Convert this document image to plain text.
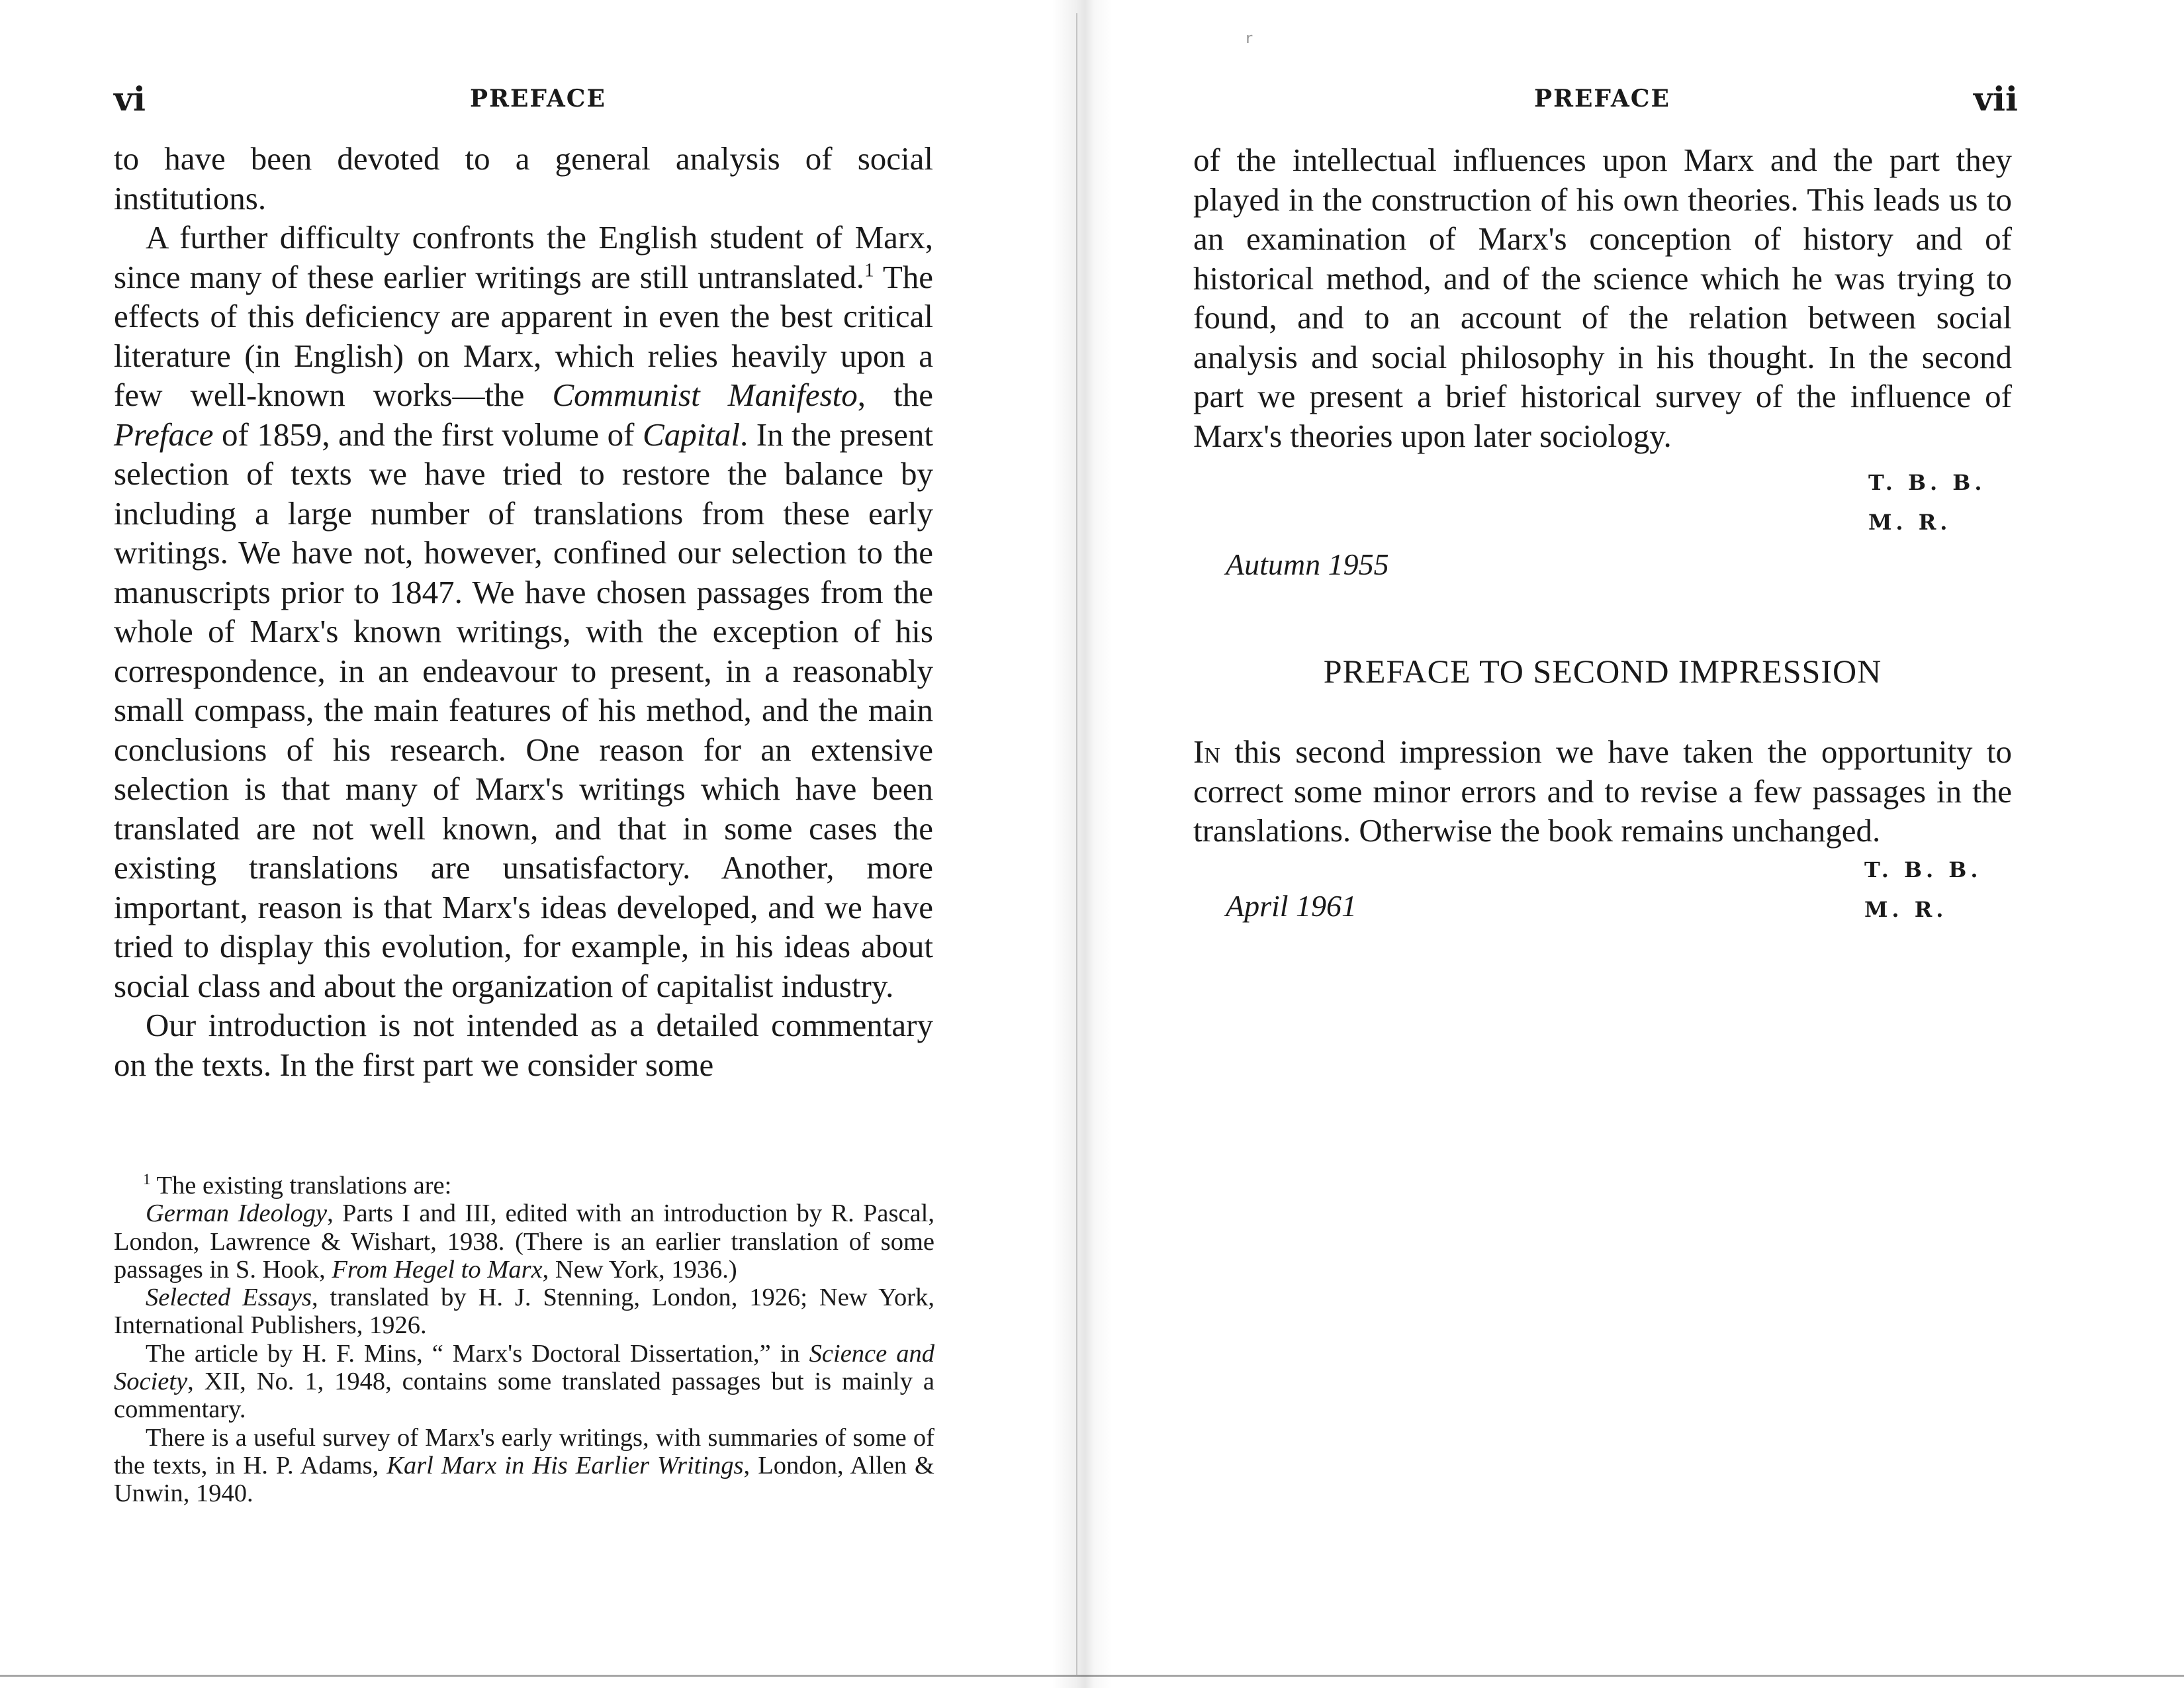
vi	PREFACE

to have been devoted to a general analysis of social institutions.

A further difficulty confronts the English student of Marx, since many of these earlier writings are still untranslated.$^1$ The effects of this deficiency are apparent in even the best critical literature (in English) on Marx, which relies heavily upon a few well-known works—the Communist Manifesto, the Preface of 1859, and the first volume of Capital. In the present selection of texts we have tried to restore the balance by including a large number of translations from these early writings. We have not, however, confined our selection to the manuscripts prior to 1847. We have chosen passages from the whole of Marx's known writings, with the exception of his correspondence, in an endeavour to present, in a reasonably small compass, the main features of his method, and the main conclusions of his research. One reason for an extensive selection is that many of Marx's writings which have been translated are not well known, and that in some cases the existing translations are unsatisfactory. Another, more important, reason is that Marx's ideas developed, and we have tried to display this evolution, for example, in his ideas about social class and about the organization of capitalist industry.

Our introduction is not intended as a detailed commentary on the texts. In the first part we consider some

$^1$ The existing translations are:

German Ideology, Parts I and III, edited with an introduction by R. Pascal, London, Lawrence & Wishart, 1938. (There is an earlier translation of some passages in S. Hook, From Hegel to Marx, New York, 1936.)

Selected Essays, translated by H. J. Stenning, London, 1926; New York, International Publishers, 1926.

The article by H. F. Mins, “ Marx's Doctoral Dissertation,” in Science and Society, XII, No. 1, 1948, contains some translated passages but is mainly a commentary.

There is a useful survey of Marx's early writings, with summaries of some of the texts, in H. P. Adams, Karl Marx in His Earlier Writings, London, Allen & Unwin, 1940.

ʳ
PREFACE	vii

of the intellectual influences upon Marx and the part they played in the construction of his own theories. This leads us to an examination of Marx's conception of history and of historical method, and of the science which he was trying to found, and to an account of the relation between social analysis and social philosophy in his thought. In the second part we present a brief historical survey of the influence of Marx's theories upon later sociology.

T. B. B.
M. R.
Autumn 1955
PREFACE TO SECOND IMPRESSION

In this second impression we have taken the opportunity to correct some minor errors and to revise a few passages in the translations. Otherwise the book remains unchanged.

T. B. B.
M. R.
April 1961
